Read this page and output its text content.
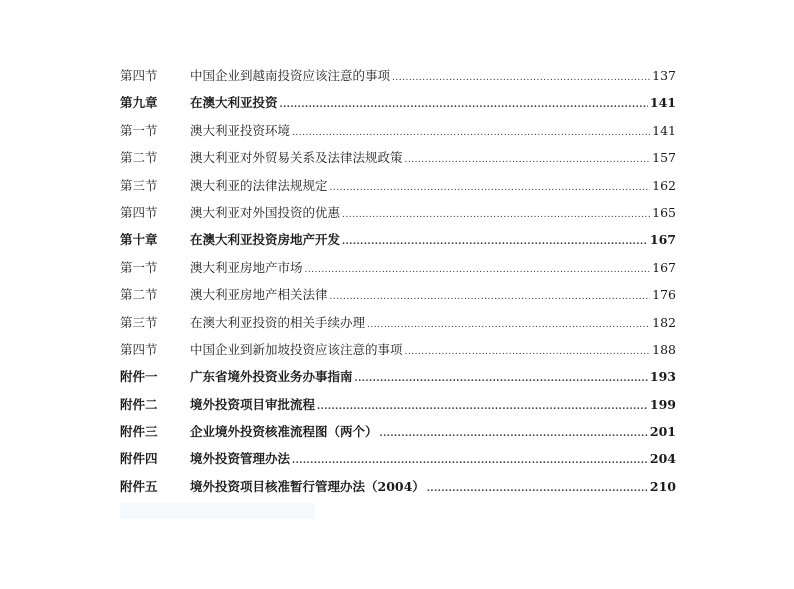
第四节	中国企业到越南投资应该注意的事项 .....	137
第九章	在澳大利亚投资 .....	141
第一节	澳大利亚投资环境 .....	141
第二节	澳大利亚对外贸易关系及法律法规政策 .....	157
第三节	澳大利亚的法律法规规定 .....	162
第四节	澳大利亚对外国投资的优惠 .....	165
第十章	在澳大利亚投资房地产开发 .....	167
第一节	澳大利亚房地产市场 .....	167
第二节	澳大利亚房地产相关法律 .....	176
第三节	在澳大利亚投资的相关手续办理 .....	182
第四节	中国企业到新加坡投资应该注意的事项 .....	188
附件一	广东省境外投资业务办事指南 .....	193
附件二	境外投资项目审批流程 .....	199
附件三	企业境外投资核准流程图（两个） .....	201
附件四	境外投资管理办法 .....	204
附件五	境外投资项目核准暂行管理办法（2004） .....	210
